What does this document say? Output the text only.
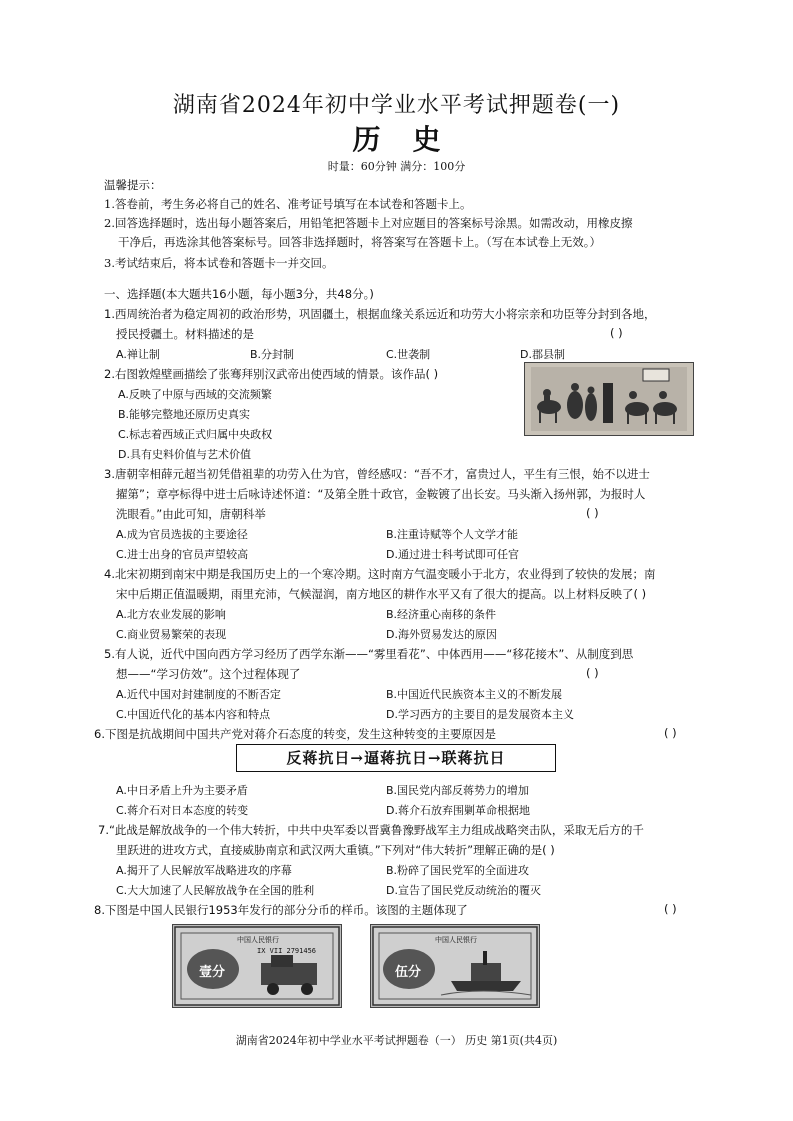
湖南省2024年初中学业水平考试押题卷(一)
历史
时量：60分钟 满分：100分
温馨提示：
1.答卷前，考生务必将自己的姓名、准考证号填写在本试卷和答题卡上。
2.回答选择题时，选出每小题答案后，用铅笔把答题卡上对应题目的答案标号涂黑。如需改动，用橡皮擦
干净后，再选涂其他答案标号。回答非选择题时，将答案写在答题卡上。（写在本试卷上无效。）
3.考试结束后，将本试卷和答题卡一并交回。
一、选择题(本大题共16小题，每小题3分，共48分。)
1.西周统治者为稳定周初的政治形势，巩固疆土，根据血缘关系远近和功劳大小将宗亲和功臣等分封到各地，
授民授疆土。材料描述的是	( )
A.禅让制	B.分封制	C.世袭制	D.郡县制
2.右图敦煌壁画描绘了张骞拜别汉武帝出使西域的情景。该作品( )
A.反映了中原与西域的交流频繁
B.能够完整地还原历史真实
C.标志着西域正式归属中央政权
D.具有史料价值与艺术价值
3.唐朝宰相薛元超当初凭借祖辈的功劳入仕为官，曾经感叹：“吾不才，富贵过人，平生有三恨，始不以进士
擢第”；章亭标得中进士后咏诗述怀道：“及第全胜十政官，金鞍镀了出长安。马头渐入扬州郭，为报时人
洗眼看。”由此可知，唐朝科举	( )
A.成为官员选拔的主要途径	B.注重诗赋等个人文学才能
C.进士出身的官员声望较高	D.通过进士科考试即可任官
4.北宋初期到南宋中期是我国历史上的一个寒冷期。这时南方气温变暖小于北方，农业得到了较快的发展；南
宋中后期正值温暖期，雨里充沛，气候湿润，南方地区的耕作水平又有了很大的提高。以上材料反映了( )
A.北方农业发展的影响	B.经济重心南移的条件
C.商业贸易繁荣的表现	D.海外贸易发达的原因
5.有人说，近代中国向西方学习经历了西学东渐——“雾里看花”、中体西用——“移花接木”、从制度到思
想——“学习仿效”。这个过程体现了	( )
A.近代中国对封建制度的不断否定	B.中国近代民族资本主义的不断发展
C.中国近代化的基本内容和特点	D.学习西方的主要目的是发展资本主义
6.下图是抗战期间中国共产党对蒋介石态度的转变，发生这种转变的主要原因是	( )
反蒋抗日→逼蒋抗日→联蒋抗日
A.中日矛盾上升为主要矛盾	B.国民党内部反蒋势力的增加
C.蒋介石对日本态度的转变	D.蒋介石放弃围剿革命根据地
7.“此战是解放战争的一个伟大转折，中共中央军委以晋冀鲁豫野战军主力组成战略突击队，采取无后方的千
里跃进的进攻方式，直接威胁南京和武汉两大重镇。”下列对“伟大转折”理解正确的是( )
A.揭开了人民解放军战略进攻的序幕	B.粉碎了国民党军的全面进攻
C.大大加速了人民解放战争在全国的胜利	D.宣告了国民党反动统治的覆灭
8.下图是中国人民银行1953年发行的部分分币的样币。该图的主题体现了	( )
中国人民银行
壹分
IX VII 2791456
中国人民银行
伍分
湖南省2024年初中学业水平考试押题卷（一） 历史 第1页(共4页)
